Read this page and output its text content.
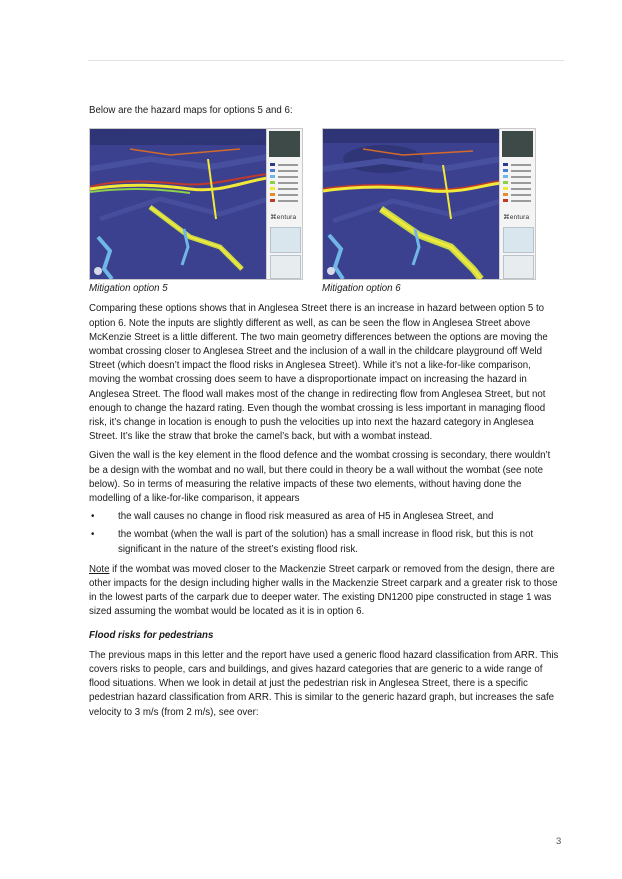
Below are the hazard maps for options 5 and 6:

⌘entura	⌘entura
Mitigation option 5	Mitigation option 6

Comparing these options shows that in Anglesea Street there is an increase in hazard between option 5 to option 6. Note the inputs are slightly different as well, as can be seen the flow in Anglesea Street above McKenzie Street is a little different. The two main geometry differences between the options are moving the wombat crossing closer to Anglesea Street and the inclusion of a wall in the childcare playground off Weld Street (which doesn’t impact the flood risks in Anglesea Street). While it’s not a like-for-like comparison, moving the wombat crossing does seem to have a disproportionate impact on increasing the hazard in Anglesea Street. The flood wall makes most of the change in redirecting flow from Anglesea Street, but not enough to change the hazard rating. Even though the wombat crossing is less important in managing flood risk, it’s change in location is enough to push the velocities up into next the hazard category in Anglesea Street. It’s like the straw that broke the camel’s back, but with a wombat instead.

Given the wall is the key element in the flood defence and the wombat crossing is secondary, there wouldn’t be a design with the wombat and no wall, but there could in theory be a wall without the wombat (see note below). So in terms of measuring the relative impacts of these two elements, without having done the modelling of a like-for-like comparison, it appears

• the wall causes no change in flood risk measured as area of H5 in Anglesea Street, and
• the wombat (when the wall is part of the solution) has a small increase in flood risk, but this is not significant in the nature of the street’s existing flood risk.

Note if the wombat was moved closer to the Mackenzie Street carpark or removed from the design, there are other impacts for the design including higher walls in the Mackenzie Street carpark and a greater risk to those in the lowest parts of the carpark due to deeper water. The existing DN1200 pipe constructed in stage 1 was sized assuming the wombat would be located as it is in option 6.

Flood risks for pedestrians

The previous maps in this letter and the report have used a generic flood hazard classification from ARR. This covers risks to people, cars and buildings, and gives hazard categories that are generic to a wide range of flood situations. When we look in detail at just the pedestrian risk in Anglesea Street, there is a specific pedestrian hazard classification from ARR. This is similar to the generic hazard graph, but increases the safe velocity to 3 m/s (from 2 m/s), see over:

3
